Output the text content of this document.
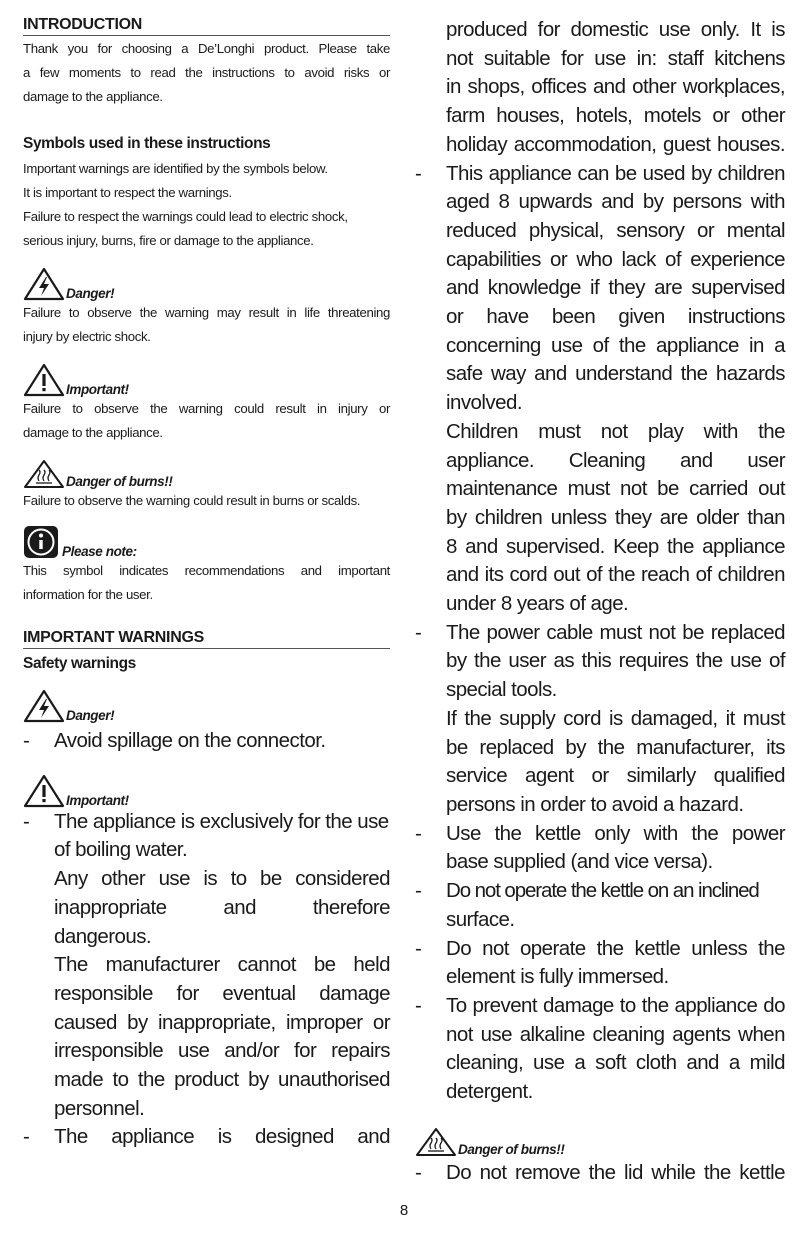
INTRODUCTION
Thank you for choosing a De’Longhi product. Please take
a few moments to read the instructions to avoid risks or
damage to the appliance.
Symbols used in these instructions
Important warnings are identified by the symbols below.
It is important to respect the warnings.
Failure to respect the warnings could lead to electric shock,
serious injury, burns, fire or damage to the appliance.
Danger!
Failure to observe the warning may result in life threatening
injury by electric shock.
Important!
Failure to observe the warning could result in injury or
damage to the appliance.
Danger of burns!!
Failure to observe the warning could result in burns or scalds.
Please note:
This symbol indicates recommendations and important
information for the user.
IMPORTANT WARNINGS
Safety warnings
Danger!
- Avoid spillage on the connector.
Important!
- The appliance is exclusively for the use
of boiling water.
Any other use is to be considered
inappropriate and therefore
dangerous.
The manufacturer cannot be held
responsible for eventual damage
caused by inappropriate, improper or
irresponsible use and/or for repairs
made to the product by unauthorised
personnel.
- The appliance is designed and
produced for domestic use only. It is
not suitable for use in: staff kitchens
in shops, offices and other workplaces,
farm houses, hotels, motels or other
holiday accommodation, guest houses.
- This appliance can be used by children
aged 8 upwards and by persons with
reduced physical, sensory or mental
capabilities or who lack of experience
and knowledge if they are supervised
or have been given instructions
concerning use of the appliance in a
safe way and understand the hazards
involved.
Children must not play with the
appliance. Cleaning and user
maintenance must not be carried out
by children unless they are older than
8 and supervised. Keep the appliance
and its cord out of the reach of children
under 8 years of age.
- The power cable must not be replaced
by the user as this requires the use of
special tools.
If the supply cord is damaged, it must
be replaced by the manufacturer, its
service agent or similarly qualified
persons in order to avoid a hazard.
- Use the kettle only with the power
base supplied (and vice versa).
- Do not operate the kettle on an inclined
surface.
- Do not operate the kettle unless the
element is fully immersed.
- To prevent damage to the appliance do
not use alkaline cleaning agents when
cleaning, use a soft cloth and a mild
detergent.
Danger of burns!!
- Do not remove the lid while the kettle
8
